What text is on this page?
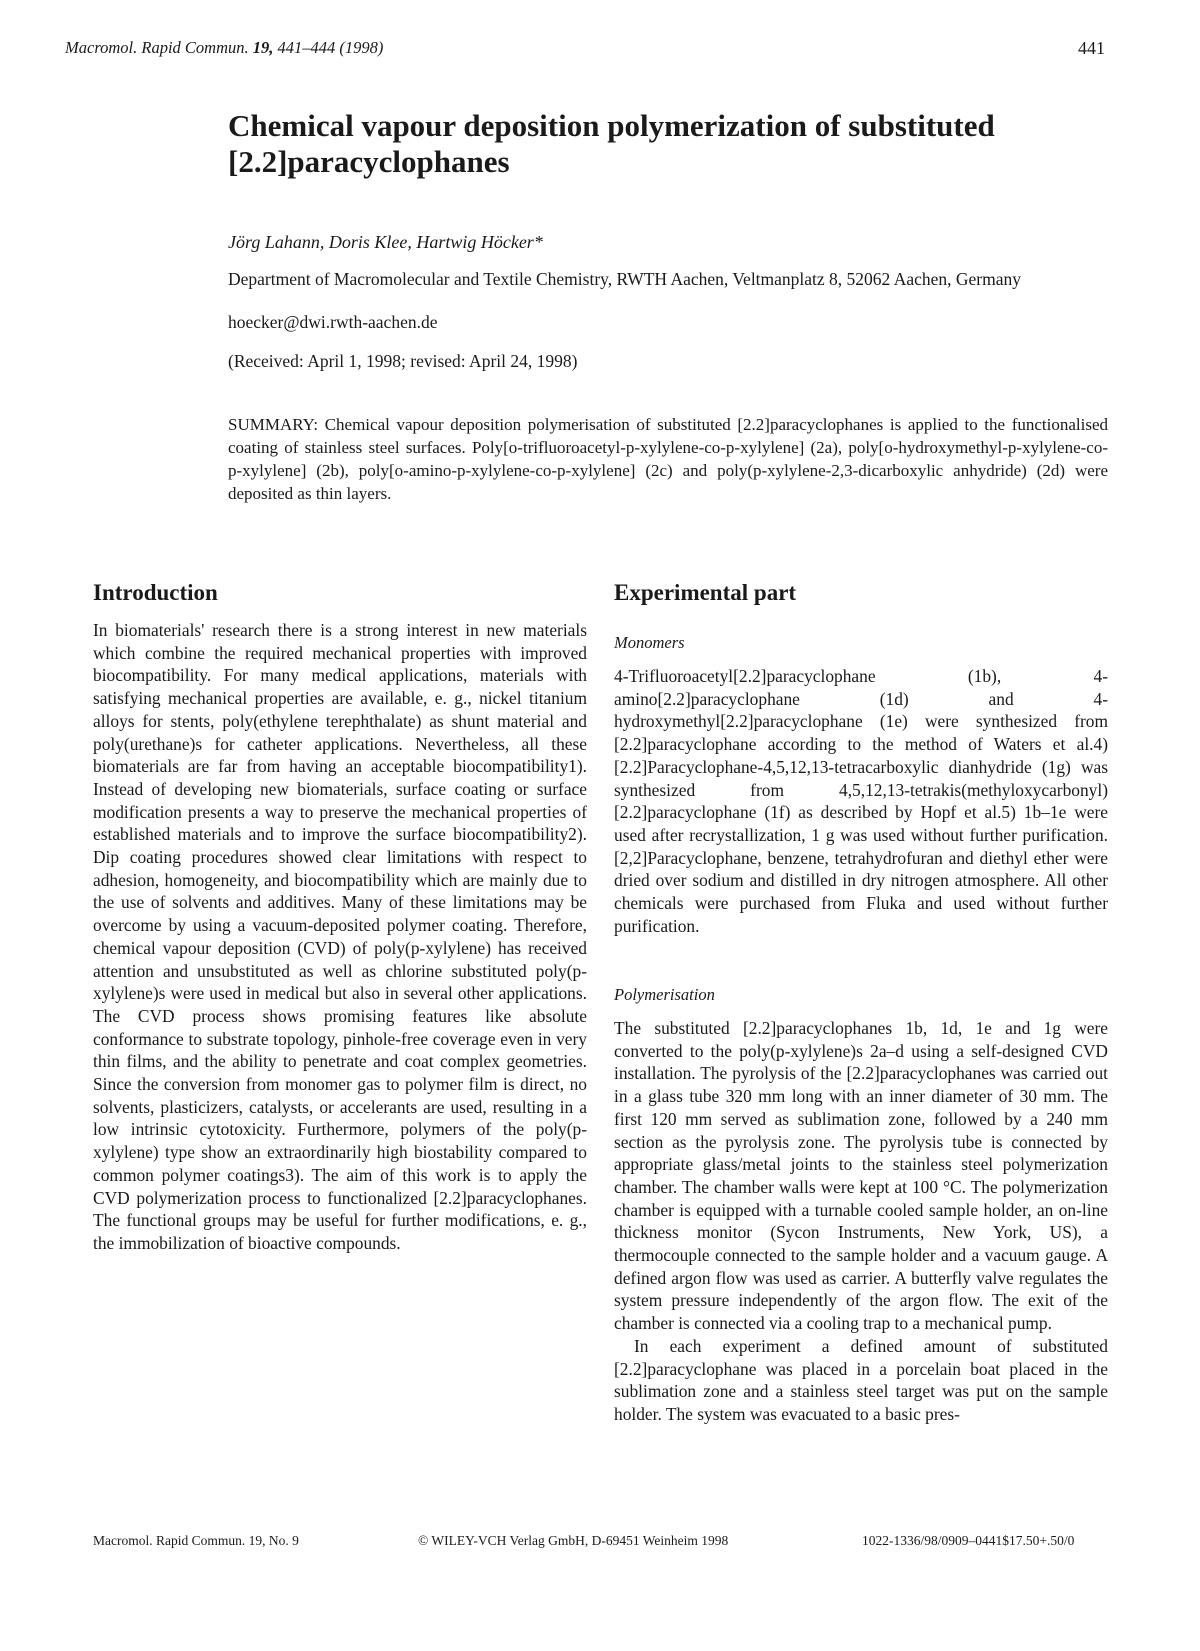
Macromol. Rapid Commun. 19, 441–444 (1998)	441
Chemical vapour deposition polymerization of substituted [2.2]paracyclophanes
Jörg Lahann, Doris Klee, Hartwig Höcker*
Department of Macromolecular and Textile Chemistry, RWTH Aachen, Veltmanplatz 8, 52062 Aachen, Germany
hoecker@dwi.rwth-aachen.de
(Received: April 1, 1998; revised: April 24, 1998)
SUMMARY: Chemical vapour deposition polymerisation of substituted [2.2]paracyclophanes is applied to the functionalised coating of stainless steel surfaces. Poly[o-trifluoroacetyl-p-xylylene-co-p-xylylene] (2a), poly[o-hydroxymethyl-p-xylylene-co-p-xylylene] (2b), poly[o-amino-p-xylylene-co-p-xylylene] (2c) and poly(p-xylylene-2,3-dicarboxylic anhydride) (2d) were deposited as thin layers.
Introduction
In biomaterials' research there is a strong interest in new materials which combine the required mechanical properties with improved biocompatibility. For many medical applications, materials with satisfying mechanical properties are available, e. g., nickel titanium alloys for stents, poly(ethylene terephthalate) as shunt material and poly(urethane)s for catheter applications. Nevertheless, all these biomaterials are far from having an acceptable biocompatibility1). Instead of developing new biomaterials, surface coating or surface modification presents a way to preserve the mechanical properties of established materials and to improve the surface biocompatibility2). Dip coating procedures showed clear limitations with respect to adhesion, homogeneity, and biocompatibility which are mainly due to the use of solvents and additives. Many of these limitations may be overcome by using a vacuum-deposited polymer coating. Therefore, chemical vapour deposition (CVD) of poly(p-xylylene) has received attention and unsubstituted as well as chlorine substituted poly(p-xylylene)s were used in medical but also in several other applications. The CVD process shows promising features like absolute conformance to substrate topology, pinhole-free coverage even in very thin films, and the ability to penetrate and coat complex geometries. Since the conversion from monomer gas to polymer film is direct, no solvents, plasticizers, catalysts, or accelerants are used, resulting in a low intrinsic cytotoxicity. Furthermore, polymers of the poly(p-xylylene) type show an extraordinarily high biostability compared to common polymer coatings3). The aim of this work is to apply the CVD polymerization process to functionalized [2.2]paracyclophanes. The functional groups may be useful for further modifications, e. g., the immobilization of bioactive compounds.
Experimental part
Monomers
4-Trifluoroacetyl[2.2]paracyclophane (1b), 4-amino[2.2]paracyclophane (1d) and 4-hydroxymethyl[2.2]paracyclophane (1e) were synthesized from [2.2]paracyclophane according to the method of Waters et al.4) [2.2]Paracyclophane-4,5,12,13-tetracarboxylic dianhydride (1g) was synthesized from 4,5,12,13-tetrakis(methyloxycarbonyl)[2.2]paracyclophane (1f) as described by Hopf et al.5) 1b–1e were used after recrystallization, 1 g was used without further purification. [2,2]Paracyclophane, benzene, tetrahydrofuran and diethyl ether were dried over sodium and distilled in dry nitrogen atmosphere. All other chemicals were purchased from Fluka and used without further purification.
Polymerisation

The substituted [2.2]paracyclophanes 1b, 1d, 1e and 1g were converted to the poly(p-xylylene)s 2a–d using a self-designed CVD installation. The pyrolysis of the [2.2]paracyclophanes was carried out in a glass tube 320 mm long with an inner diameter of 30 mm. The first 120 mm served as sublimation zone, followed by a 240 mm section as the pyrolysis zone. The pyrolysis tube is connected by appropriate glass/metal joints to the stainless steel polymerization chamber. The chamber walls were kept at 100 °C. The polymerization chamber is equipped with a turnable cooled sample holder, an on-line thickness monitor (Sycon Instruments, New York, US), a thermocouple connected to the sample holder and a vacuum gauge. A defined argon flow was used as carrier. A butterfly valve regulates the system pressure independently of the argon flow. The exit of the chamber is connected via a cooling trap to a mechanical pump.

In each experiment a defined amount of substituted [2.2]paracyclophane was placed in a porcelain boat placed in the sublimation zone and a stainless steel target was put on the sample holder. The system was evacuated to a basic pres-

Macromol. Rapid Commun. 19, No. 9	© WILEY-VCH Verlag GmbH, D-69451 Weinheim 1998	1022-1336/98/0909–0441$17.50+.50/0
